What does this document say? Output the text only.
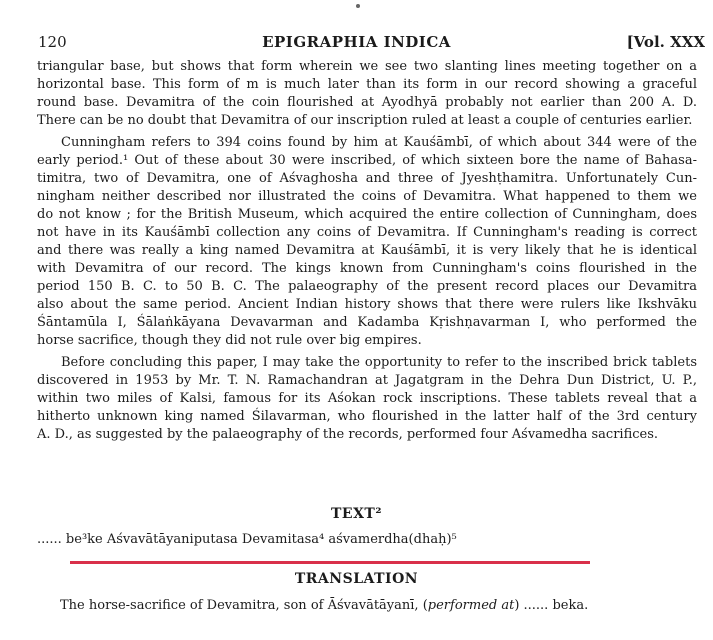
120	EPIGRAPHIA INDICA	[Vol. XXX
triangular base, but shows that form wherein we see two slanting lines meeting together on a
horizontal base. This form of m is much later than its form in our record showing a graceful
round base. Devamitra of the coin flourished at Ayodhyā probably not earlier than 200 A. D.
There can be no doubt that Devamitra of our inscription ruled at least a couple of centuries earlier.
Cunningham refers to 394 coins found by him at Kauśāmbī, of which about 344 were of the
early period.¹ Out of these about 30 were inscribed, of which sixteen bore the name of Bahasa-
timitra, two of Devamitra, one of Aśvaghosha and three of Jyeshṭhamitra. Unfortunately Cun-
ningham neither described nor illustrated the coins of Devamitra. What happened to them we
do not know ; for the British Museum, which acquired the entire collection of Cunningham, does
not have in its Kauśāmbī collection any coins of Devamitra. If Cunningham's reading is correct
and there was really a king named Devamitra at Kauśāmbī, it is very likely that he is identical
with Devamitra of our record. The kings known from Cunningham's coins flourished in the
period 150 B. C. to 50 B. C. The palaeography of the present record places our Devamitra
also about the same period. Ancient Indian history shows that there were rulers like Ikshvāku
Śāntamūla I, Śālaṅkāyana Devavarman and Kadamba Kṛishṇavarman I, who performed the
horse sacrifice, though they did not rule over big empires.
Before concluding this paper, I may take the opportunity to refer to the inscribed brick tablets
discovered in 1953 by Mr. T. N. Ramachandran at Jagatgram in the Dehra Dun District, U. P.,
within two miles of Kalsi, famous for its Aśokan rock inscriptions. These tablets reveal that a
hitherto unknown king named Śilavarman, who flourished in the latter half of the 3rd century
A. D., as suggested by the palaeography of the records, performed four Aśvamedha sacrifices.
TEXT²
...... be³ke Aśvavātāyaniputasa Devamitasa⁴ aśvamerdha(dhaḥ)⁵
TRANSLATION
The horse-sacrifice of Devamitra, son of Āśvavātāyanī, (performed at) ...... beka.
